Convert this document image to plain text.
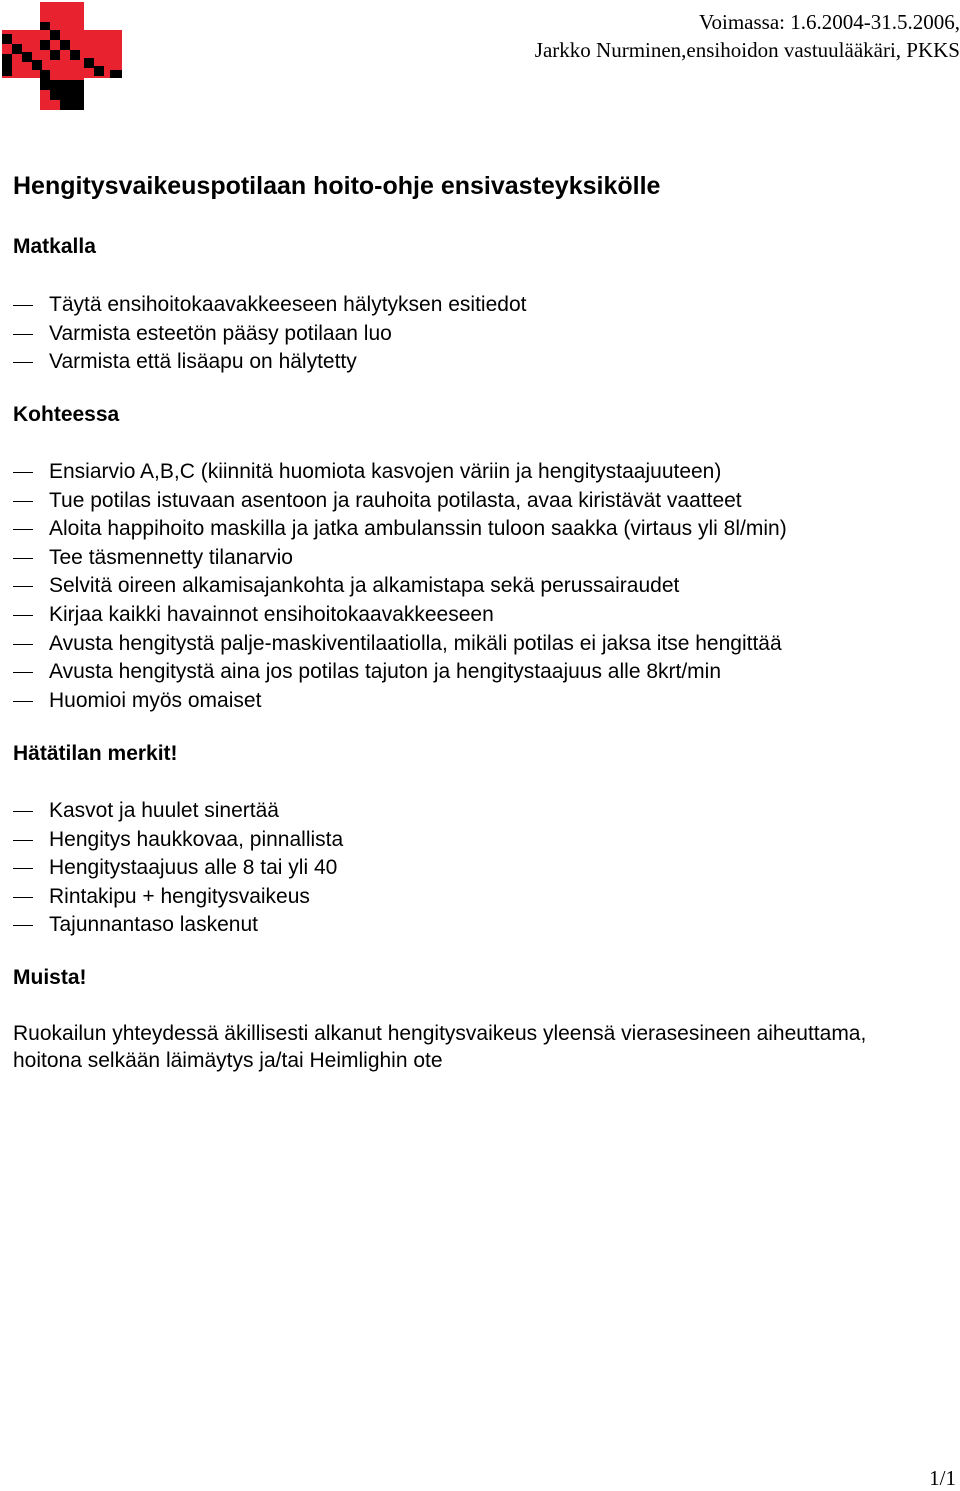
Voimassa: 1.6.2004-31.5.2006,
Jarkko Nurminen,ensihoidon vastuulääkäri, PKKS
Hengitysvaikeuspotilaan hoito-ohje ensivasteyksikölle
Matkalla
Täytä ensihoitokaavakkeeseen hälytyksen esitiedot
Varmista esteetön pääsy potilaan luo
Varmista että lisäapu on hälytetty
Kohteessa
Ensiarvio A,B,C (kiinnitä huomiota kasvojen väriin ja hengitystaajuuteen)
Tue potilas istuvaan asentoon ja rauhoita potilasta, avaa kiristävät vaatteet
Aloita happihoito maskilla ja jatka ambulanssin tuloon saakka (virtaus yli 8l/min)
Tee täsmennetty tilanarvio
Selvitä oireen alkamisajankohta ja alkamistapa sekä perussairaudet
Kirjaa kaikki havainnot ensihoitokaavakkeeseen
Avusta hengitystä palje-maskiventilaatiolla, mikäli potilas ei jaksa itse hengittää
Avusta hengitystä aina jos potilas tajuton ja hengitystaajuus alle 8krt/min
Huomioi myös omaiset
Hätätilan merkit!
Kasvot ja huulet sinertää
Hengitys haukkovaa, pinnallista
Hengitystaajuus alle 8 tai yli 40
Rintakipu + hengitysvaikeus
Tajunnantaso laskenut
Muista!

Ruokailun yhteydessä äkillisesti alkanut hengitysvaikeus yleensä vierasesineen aiheuttama, hoitona selkään läimäytys ja/tai Heimlighin ote

1/1
